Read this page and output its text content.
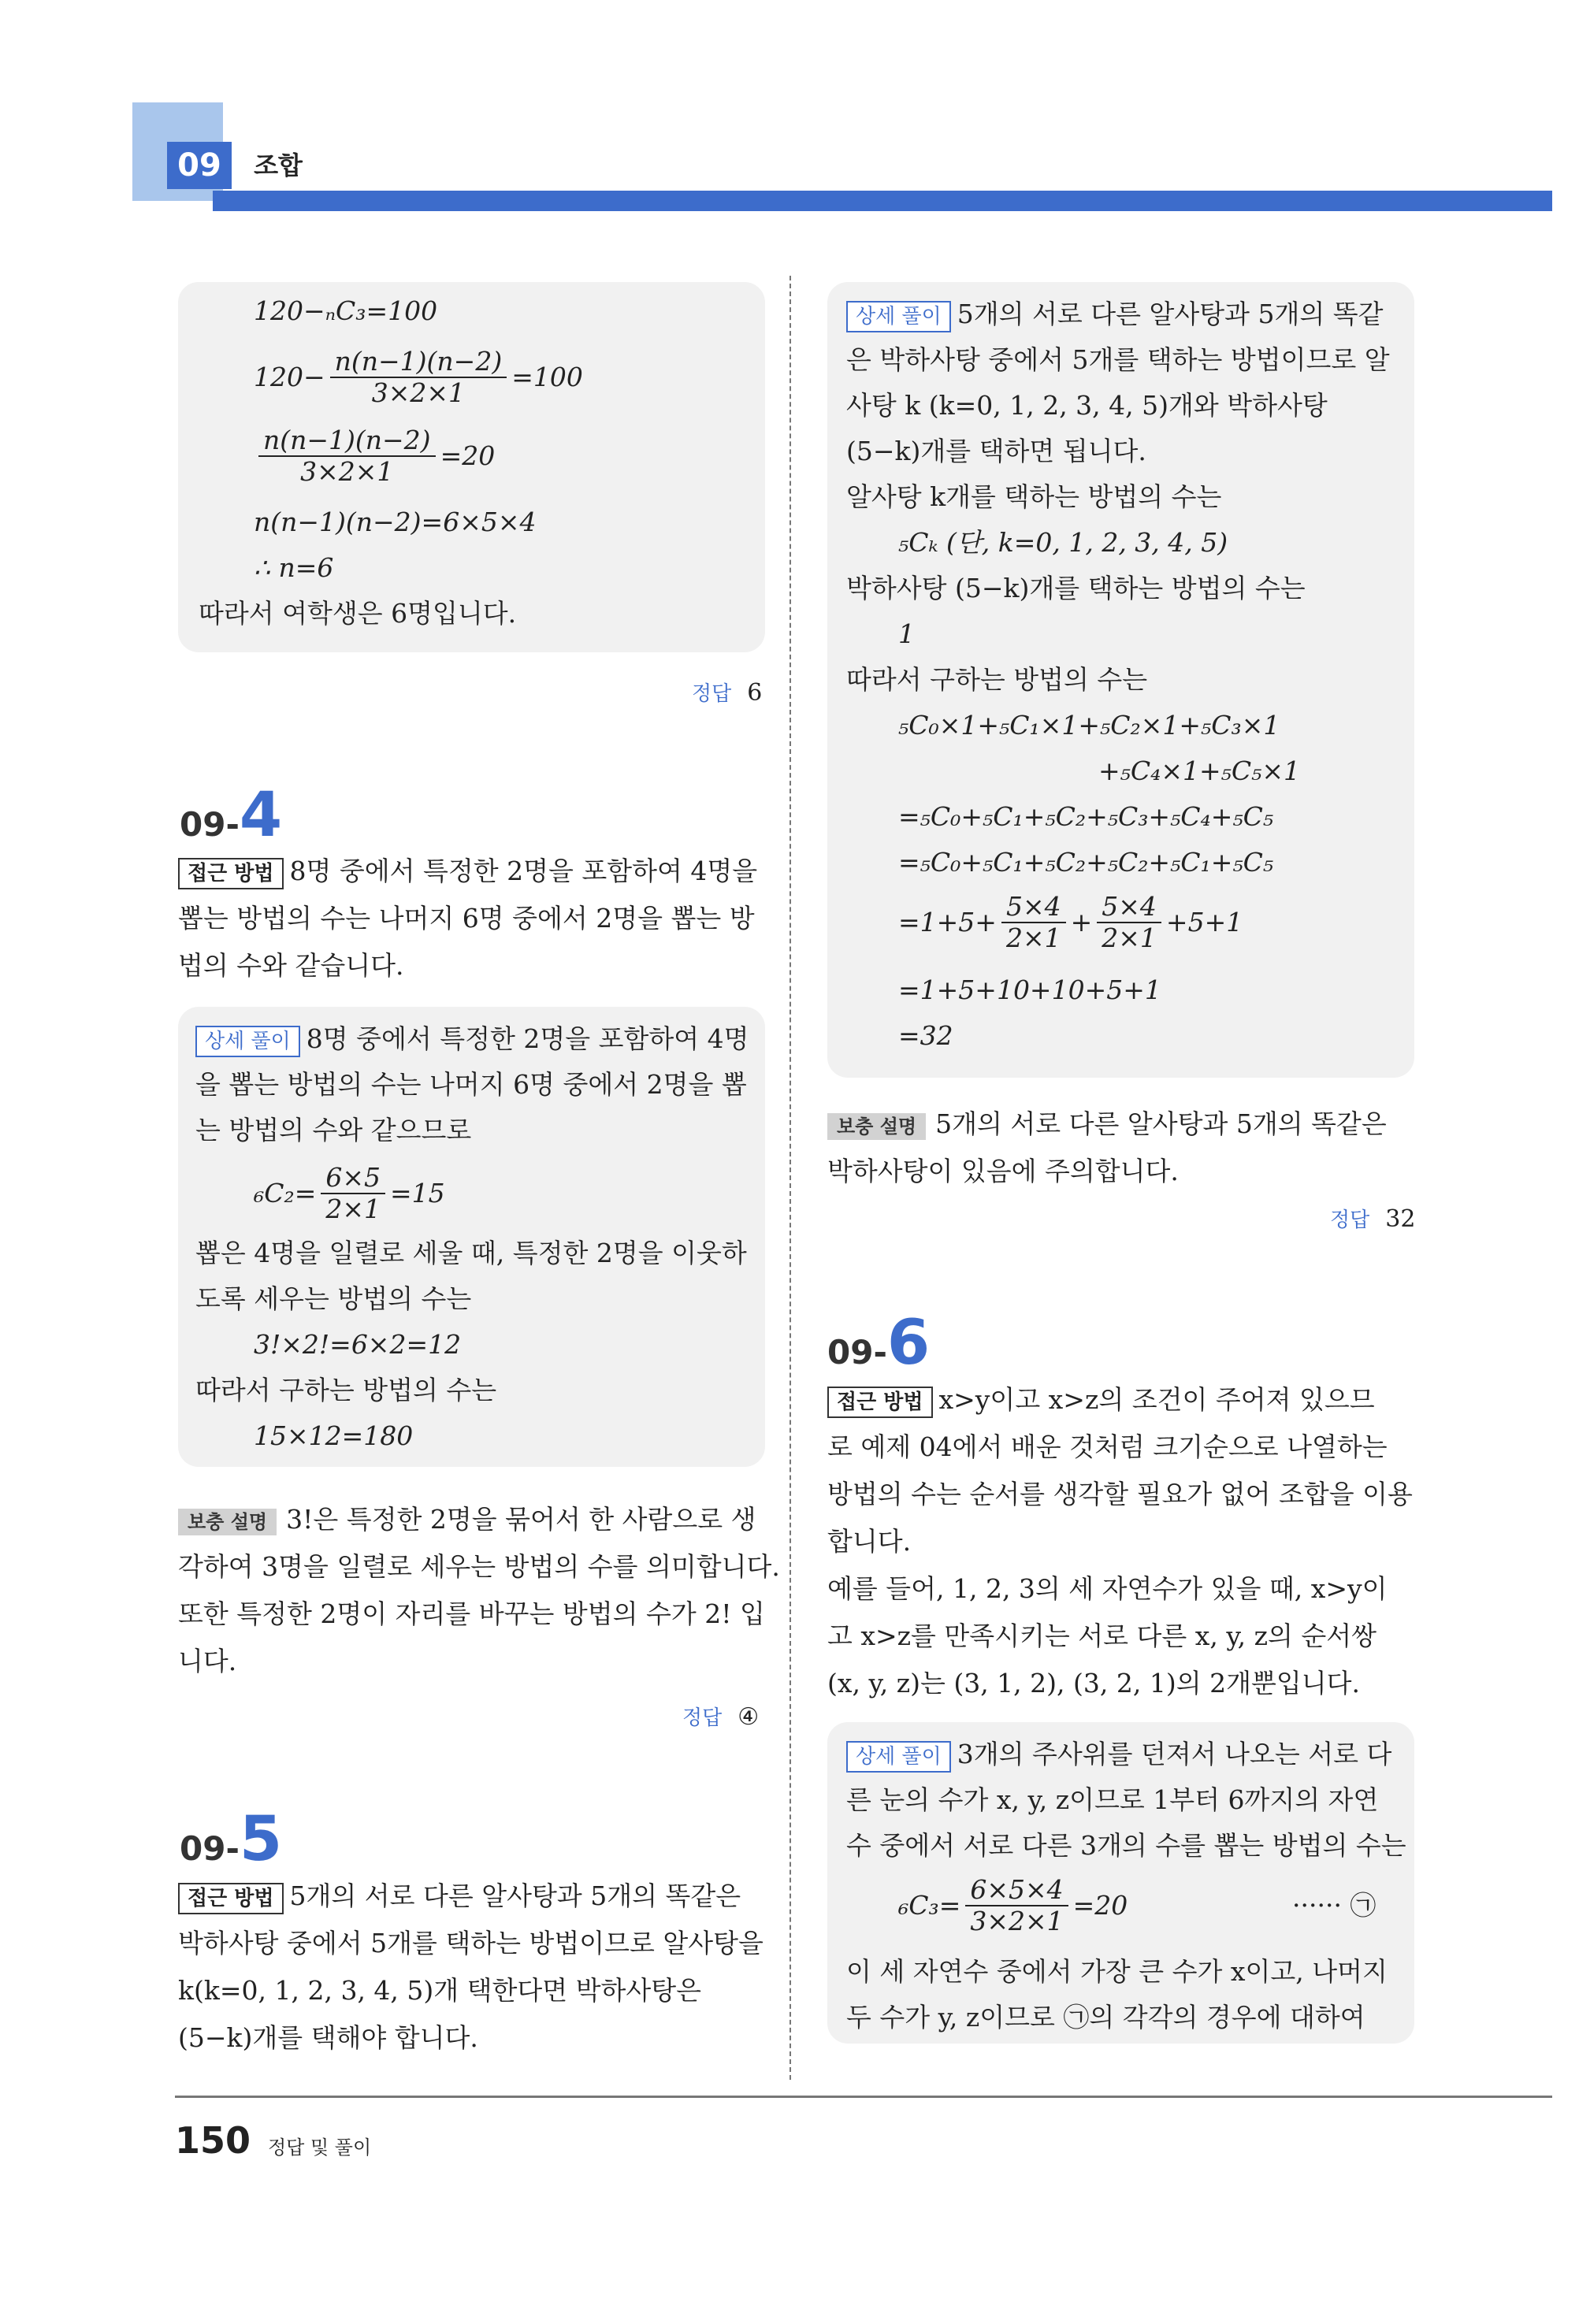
09	조합
120−ₙC₃=100
$120- \frac{n(n-1)(n-2)}{3\times 2\times 1} =100$
$\frac{n(n-1)(n-2)}{3\times 2\times 1} =20$
n(n−1)(n−2)=6×5×4
∴ n=6
따라서 여학생은 6명입니다.
정답 6
09-4
접근 방법 8명 중에서 특정한 2명을 포함하여 4명을
뽑는 방법의 수는 나머지 6명 중에서 2명을 뽑는 방
법의 수와 같습니다.
상세 풀이 8명 중에서 특정한 2명을 포함하여 4명
을 뽑는 방법의 수는 나머지 6명 중에서 2명을 뽑
는 방법의 수와 같으므로
$_6C_2= \frac{6\times 5}{2\times 1} =15$
뽑은 4명을 일렬로 세울 때, 특정한 2명을 이웃하
도록 세우는 방법의 수는
3!×2!=6×2=12
따라서 구하는 방법의 수는
15×12=180
보충 설명 3!은 특정한 2명을 묶어서 한 사람으로 생
각하여 3명을 일렬로 세우는 방법의 수를 의미합니다.
또한 특정한 2명이 자리를 바꾸는 방법의 수가 2! 입
니다.
정답 ④
09-5
접근 방법 5개의 서로 다른 알사탕과 5개의 똑같은
박하사탕 중에서 5개를 택하는 방법이므로 알사탕을
k(k=0, 1, 2, 3, 4, 5)개 택한다면 박하사탕은
(5−k)개를 택해야 합니다.
상세 풀이 5개의 서로 다른 알사탕과 5개의 똑같
은 박하사탕 중에서 5개를 택하는 방법이므로 알
사탕 k (k=0, 1, 2, 3, 4, 5)개와 박하사탕
(5−k)개를 택하면 됩니다.
알사탕 k개를 택하는 방법의 수는
₅Cₖ (단, k=0, 1, 2, 3, 4, 5)
박하사탕 (5−k)개를 택하는 방법의 수는
1
따라서 구하는 방법의 수는
₅C₀×1+₅C₁×1+₅C₂×1+₅C₃×1
+₅C₄×1+₅C₅×1
=₅C₀+₅C₁+₅C₂+₅C₃+₅C₄+₅C₅
=₅C₀+₅C₁+₅C₂+₅C₂+₅C₁+₅C₅
$=1+5+ \frac{5\times 4}{2\times 1} + \frac{5\times 4}{2\times 1} +5+1$
=1+5+10+10+5+1
=32
보충 설명 5개의 서로 다른 알사탕과 5개의 똑같은
박하사탕이 있음에 주의합니다.
정답 32
09-6
접근 방법 x>y이고 x>z의 조건이 주어져 있으므
로 예제 04에서 배운 것처럼 크기순으로 나열하는
방법의 수는 순서를 생각할 필요가 없어 조합을 이용
합니다.
예를 들어, 1, 2, 3의 세 자연수가 있을 때, x>y이
고 x>z를 만족시키는 서로 다른 x, y, z의 순서쌍
(x, y, z)는 (3, 1, 2), (3, 2, 1)의 2개뿐입니다.
상세 풀이 3개의 주사위를 던져서 나오는 서로 다
른 눈의 수가 x, y, z이므로 1부터 6까지의 자연
수 중에서 서로 다른 3개의 수를 뽑는 방법의 수는
$_6C_3= \frac{6\times 5\times 4}{3\times 2\times 1} =20$	······ ㉠
이 세 자연수 중에서 가장 큰 수가 x이고, 나머지
두 수가 y, z이므로 ㉠의 각각의 경우에 대하여
150 정답 및 풀이
